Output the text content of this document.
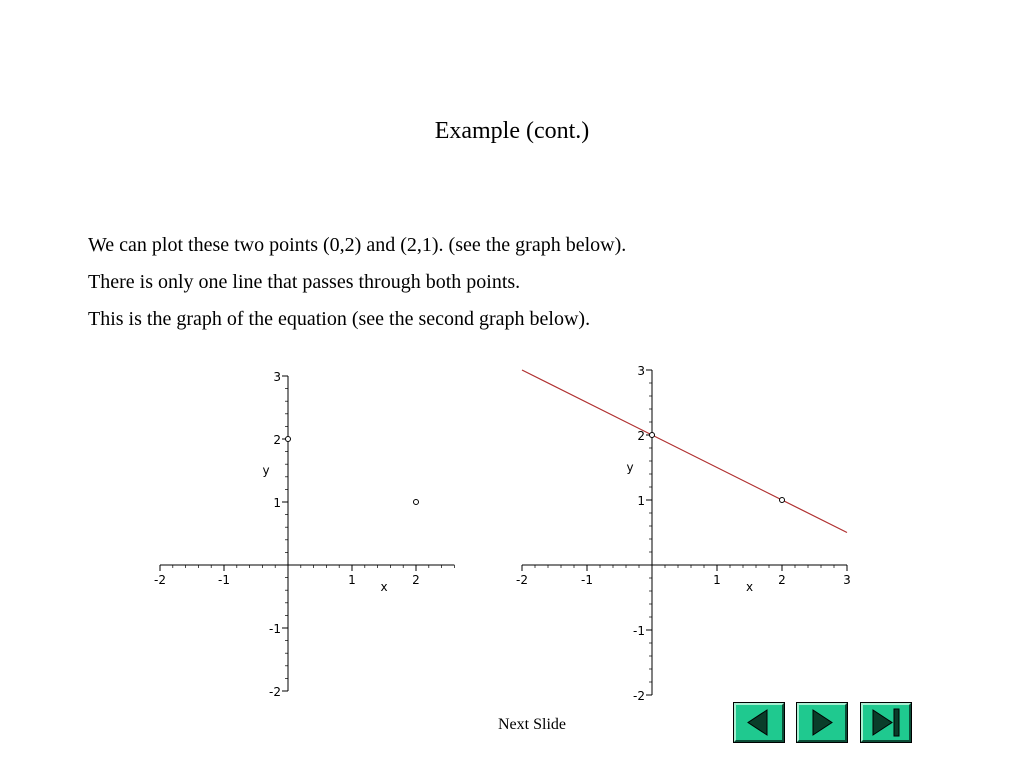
Example (cont.)
We can plot these two points (0,2) and (2,1). (see the graph below).
There is only one line that passes through both points.
This is the graph of the equation (see the second graph below).
-2	-1	1	2
-2
-1
1
2
3
x
y
-2	-1	1	2	3
-2
-1
1
2
3
x
y
Next Slide
